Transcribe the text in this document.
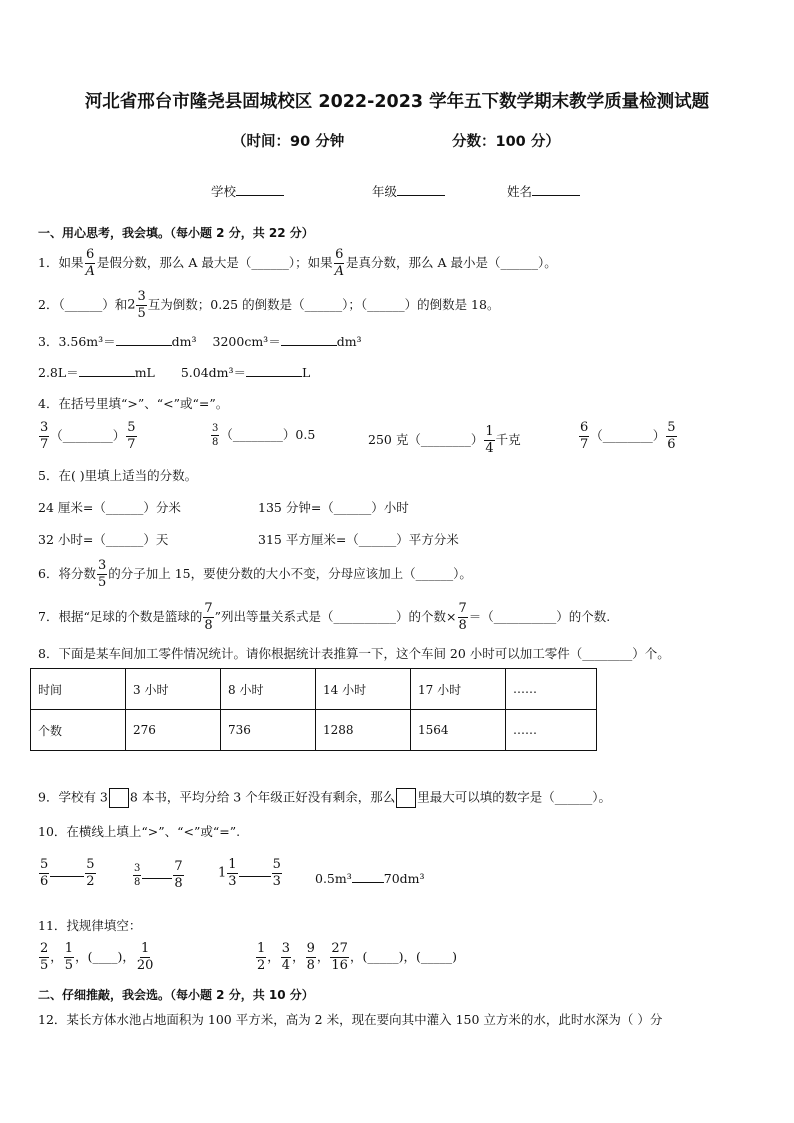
河北省邢台市隆尧县固城校区 2022-2023 学年五下数学期末教学质量检测试题
（时间：90 分钟	分数：100 分）
学校	年级	姓名
一、用心思考，我会填。（每小题 2 分，共 22 分）
1．如果 $\frac{6}{A}$ 是假分数，那么 A 最大是（______）；如果 $\frac{6}{A}$ 是真分数，那么 A 最小是（______）。
2．（______）和$2 \frac{3}{5}$ 互为倒数；0.25 的倒数是（______）；（______）的倒数是 18。
3．3.56m³＝	dm³ 3200cm³＝	dm³
2.8L＝	mL 5.04dm³＝	L
4．在括号里填“>”、“<”或“=”。
$\frac{3}{7}$ （________） $\frac{5}{7}$	$\frac{3}{8}$ （________）0.5	250 克（________） $\frac{1}{4}$ 千克	$\frac{6}{7}$ （________） $\frac{5}{6}$
5．在( )里填上适当的分数。
24 厘米=（______）分米	135 分钟=（______）小时
32 小时=（______）天	315 平方厘米=（______）平方分米
6．将分数 $\frac{3}{5}$ 的分子加上 15，要使分数的大小不变，分母应该加上（______）。
7．根据“足球的个数是篮球的 $\frac{7}{8}$ ”列出等量关系式是（__________）的个数× $\frac{7}{8}$ ＝（__________）的个数.
8．下面是某车间加工零件情况统计。请你根据统计表推算一下，这个车间 20 小时可以加工零件（________）个。
时间	3 小时	8 小时	14 小时	17 小时	……
个数	276	736	1288	1564	……
9．学校有 3 8 本书，平均分给 3 个年级正好没有剩余，那么 里最大可以填的数字是（______）。
10．在横线上填上“>”、“<”或“=”.
$\frac{5}{6}$	$\frac{5}{2}$	$\frac{3}{8} \frac{7}{8}$	$1 \frac{1}{3}$	$\frac{5}{3}$	0.5m³	70dm³
11．找规律填空：
$\frac{2}{5}$ ， $\frac{1}{5}$ ，(____)， $\frac{1}{20}$	$\frac{1}{2}$ ， $\frac{3}{4}$ ， $\frac{9}{8}$ ， $\frac{27}{16}$ ，(_____)，(_____)
二、仔细推敲，我会选。（每小题 2 分，共 10 分）
12．某长方体水池占地面积为 100 平方米，高为 2 米，现在要向其中灌入 150 立方米的水，此时水深为（ ）分
